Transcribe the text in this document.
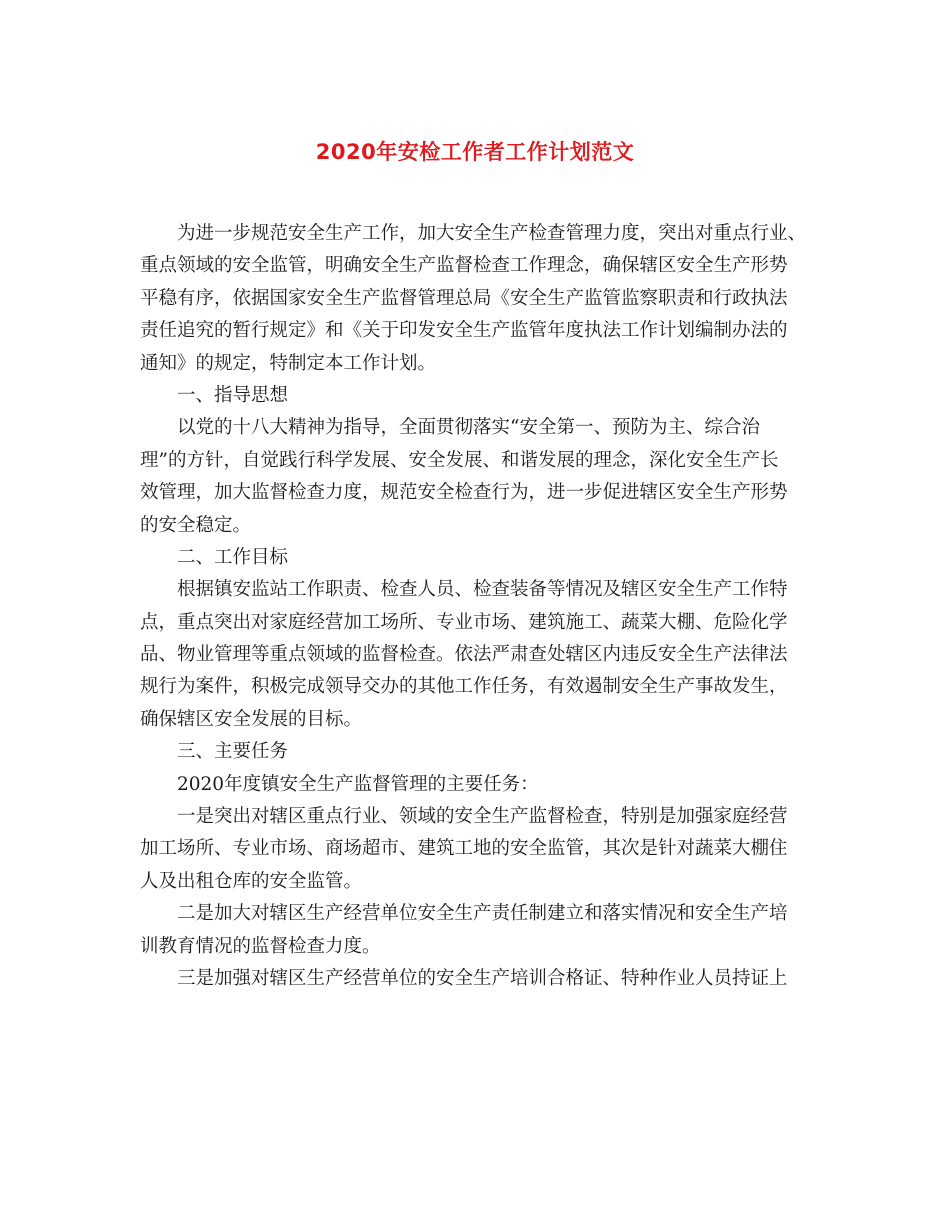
2020年安检工作者工作计划范文
为进一步规范安全生产工作，加大安全生产检查管理力度，突出对重点行业、
重点领域的安全监管，明确安全生产监督检查工作理念，确保辖区安全生产形势
平稳有序，依据国家安全生产监督管理总局《安全生产监管监察职责和行政执法
责任追究的暂行规定》和《关于印发安全生产监管年度执法工作计划编制办法的
通知》的规定，特制定本工作计划。
一、指导思想
以党的十八大精神为指导，全面贯彻落实“安全第一、预防为主、综合治
理”的方针，自觉践行科学发展、安全发展、和谐发展的理念，深化安全生产长
效管理，加大监督检查力度，规范安全检查行为，进一步促进辖区安全生产形势
的安全稳定。
二、工作目标
根据镇安监站工作职责、检查人员、检查装备等情况及辖区安全生产工作特
点，重点突出对家庭经营加工场所、专业市场、建筑施工、蔬菜大棚、危险化学
品、物业管理等重点领域的监督检查。依法严肃查处辖区内违反安全生产法律法
规行为案件，积极完成领导交办的其他工作任务，有效遏制安全生产事故发生，
确保辖区安全发展的目标。
三、主要任务
2020年度镇安全生产监督管理的主要任务：
一是突出对辖区重点行业、领域的安全生产监督检查，特别是加强家庭经营
加工场所、专业市场、商场超市、建筑工地的安全监管，其次是针对蔬菜大棚住
人及出租仓库的安全监管。
二是加大对辖区生产经营单位安全生产责任制建立和落实情况和安全生产培
训教育情况的监督检查力度。
三是加强对辖区生产经营单位的安全生产培训合格证、特种作业人员持证上
